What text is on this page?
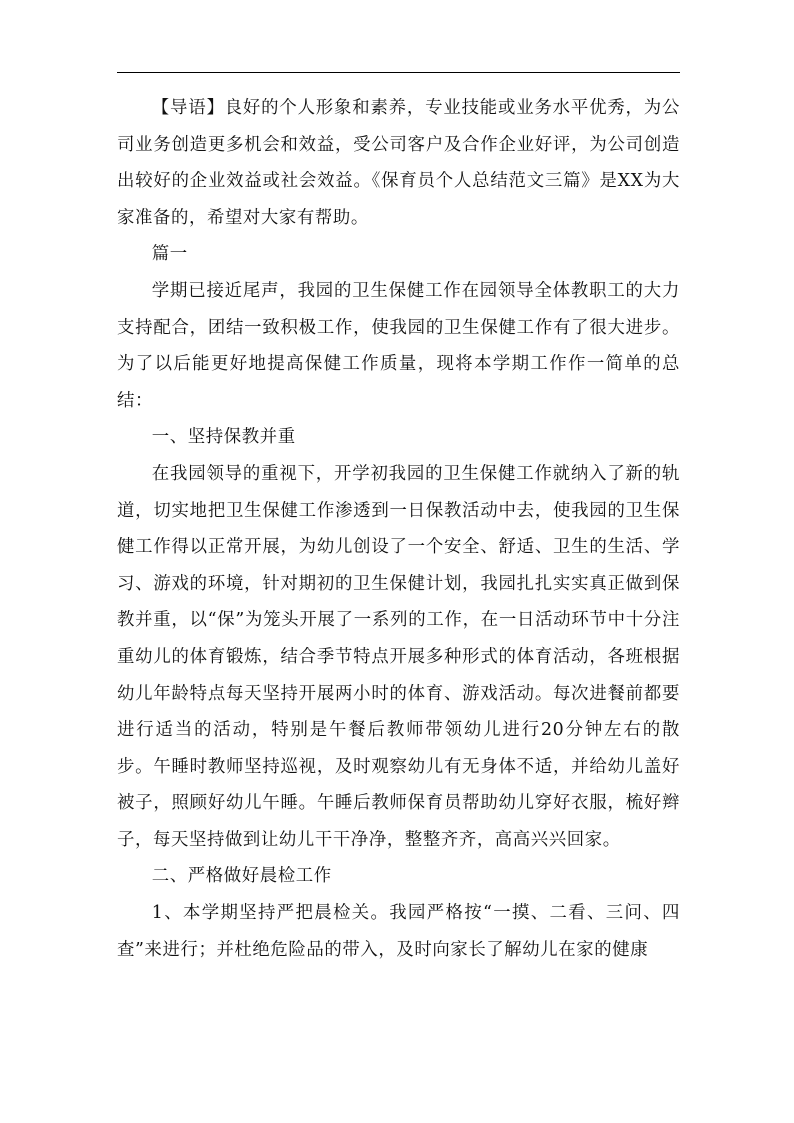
【导语】良好的个人形象和素养，专业技能或业务水平优秀，为公司业务创造更多机会和效益，受公司客户及合作企业好评，为公司创造出较好的企业效益或社会效益。《保育员个人总结范文三篇》是XX为大家准备的，希望对大家有帮助。

篇一

学期已接近尾声，我园的卫生保健工作在园领导全体教职工的大力支持配合，团结一致积极工作，使我园的卫生保健工作有了很大进步。为了以后能更好地提高保健工作质量，现将本学期工作作一简单的总结：

一、坚持保教并重

在我园领导的重视下，开学初我园的卫生保健工作就纳入了新的轨道，切实地把卫生保健工作渗透到一日保教活动中去，使我园的卫生保健工作得以正常开展，为幼儿创设了一个安全、舒适、卫生的生活、学习、游戏的环境，针对期初的卫生保健计划，我园扎扎实实真正做到保教并重，以“保”为笼头开展了一系列的工作，在一日活动环节中十分注重幼儿的体育锻炼，结合季节特点开展多种形式的体育活动，各班根据幼儿年龄特点每天坚持开展两小时的体育、游戏活动。每次进餐前都要进行适当的活动，特别是午餐后教师带领幼儿进行20分钟左右的散步。午睡时教师坚持巡视，及时观察幼儿有无身体不适，并给幼儿盖好被子，照顾好幼儿午睡。午睡后教师保育员帮助幼儿穿好衣服，梳好辫子，每天坚持做到让幼儿干干净净，整整齐齐，高高兴兴回家。

二、严格做好晨检工作

1、本学期坚持严把晨检关。我园严格按“一摸、二看、三问、四查”来进行；并杜绝危险品的带入，及时向家长了解幼儿在家的健康
